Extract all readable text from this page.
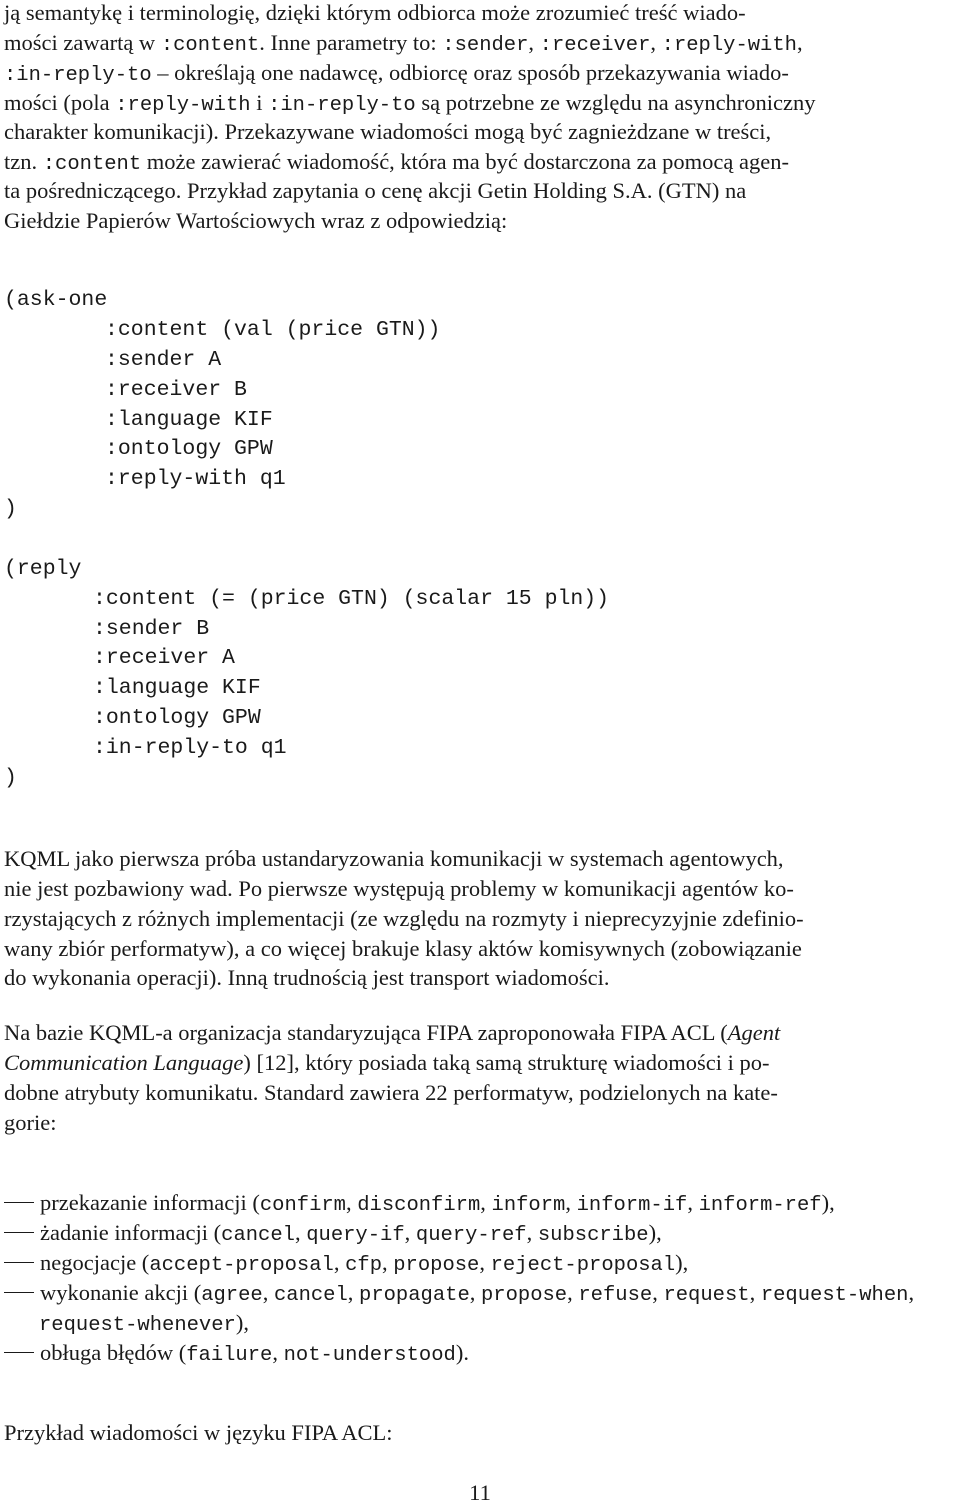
ją semantykę i terminologię, dzięki którym odbiorca może zrozumieć treść wiado-
mości zawartą w :content. Inne parametry to: :sender, :receiver, :reply-with,
:in-reply-to – określają one nadawcę, odbiorcę oraz sposób przekazywania wiado-
mości (pola :reply-with i :in-reply-to są potrzebne ze względu na asynchroniczny
charakter komunikacji). Przekazywane wiadomości mogą być zagnieżdzane w treści,
tzn. :content może zawierać wiadomość, która ma być dostarczona za pomocą agen-
ta pośredniczącego. Przykład zapytania o cenę akcji Getin Holding S.A. (GTN) na
Giełdzie Papierów Wartościowych wraz z odpowiedzią:
(ask-one
:content (val (price GTN))
:sender A
:receiver B
:language KIF
:ontology GPW
:reply-with q1
)
(reply
:content (= (price GTN) (scalar 15 pln))
:sender B
:receiver A
:language KIF
:ontology GPW
:in-reply-to q1
)
KQML jako pierwsza próba ustandaryzowania komunikacji w systemach agentowych,
nie jest pozbawiony wad. Po pierwsze występują problemy w komunikacji agentów ko-
rzystających z różnych implementacji (ze względu na rozmyty i nieprecyzyjnie zdefinio-
wany zbiór performatyw), a co więcej brakuje klasy aktów komisywnych (zobowiązanie
do wykonania operacji). Inną trudnością jest transport wiadomości.
Na bazie KQML-a organizacja standaryzująca FIPA zaproponowała FIPA ACL (Agent
Communication Language) [12], który posiada taką samą strukturę wiadomości i po-
dobne atrybuty komunikatu. Standard zawiera 22 performatyw, podzielonych na kate-
gorie:
przekazanie informacji (confirm, disconfirm, inform, inform-if, inform-ref),
żadanie informacji (cancel, query-if, query-ref, subscribe),
negocjacje (accept-proposal, cfp, propose, reject-proposal),
wykonanie akcji (agree, cancel, propagate, propose, refuse, request, request-when,
request-whenever),
obługa błędów (failure, not-understood).
Przykład wiadomości w języku FIPA ACL:
11
